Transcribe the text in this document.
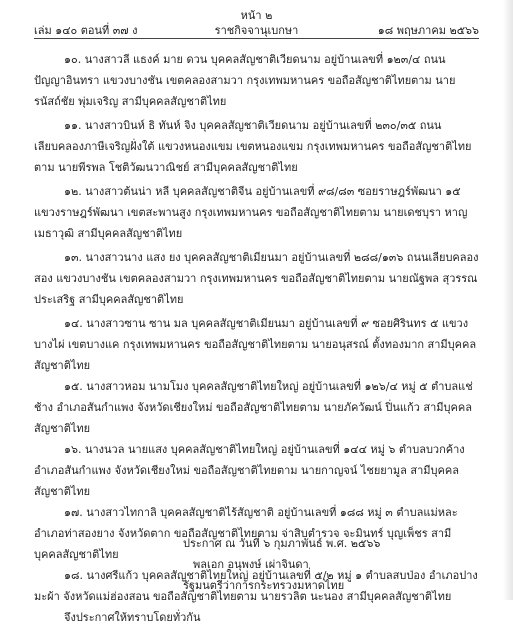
หน้า ๒
เล่ม ๑๔๐ ตอนที่ ๓๗ ง	ราชกิจจานุเบกษา	๑๘ พฤษภาคม ๒๕๖๖

๑๐. นางสาวลี แธงค์ มาย ดวน บุคคลสัญชาติเวียดนาม อยู่บ้านเลขที่ ๑๒๓/๔ ถนนปัญญาอินทรา แขวงบางชัน เขตคลองสามวา กรุงเทพมหานคร ขอถือสัญชาติไทยตาม นายรนัสถ์ชัย พุ่มเจริญ สามีบุคคลสัญชาติไทย

๑๑. นางสาวบินห์ ธิ ทันห์ จิง บุคคลสัญชาติเวียดนาม อยู่บ้านเลขที่ ๒๓๐/๓๕ ถนนเลียบคลองภาษีเจริญฝั่งใต้ แขวงหนองแขม เขตหนองแขม กรุงเทพมหานคร ขอถือสัญชาติไทยตาม นายพีรพล โชติวัฒนวาณิชย์ สามีบุคคลสัญชาติไทย

๑๒. นางสาวต้นน่า หลี บุคคลสัญชาติจีน อยู่บ้านเลขที่ ๙๘/๘๓ ซอยราษฎร์พัฒนา ๑๕ แขวงราษฎร์พัฒนา เขตสะพานสูง กรุงเทพมหานคร ขอถือสัญชาติไทยตาม นายเดชบุรา หาญเมธาวุฒิ สามีบุคคลสัญชาติไทย

๑๓. นางสาวนาง แสง ยง บุคคลสัญชาติเมียนมา อยู่บ้านเลขที่ ๒๘๘/๑๓๖ ถนนเลียบคลองสอง แขวงบางชัน เขตคลองสามวา กรุงเทพมหานคร ขอถือสัญชาติไทยตาม นายณัฐพล สุวรรณประเสริฐ สามีบุคคลสัญชาติไทย

๑๔. นางสาวซาน ซาน มล บุคคลสัญชาติเมียนมา อยู่บ้านเลขที่ ๙ ซอยศิรินทร ๕ แขวงบางไผ่ เขตบางแค กรุงเทพมหานคร ขอถือสัญชาติไทยตาม นายอนุสรณ์ ตั้งทองมาก สามีบุคคลสัญชาติไทย

๑๕. นางสาวหอม นามโมง บุคคลสัญชาติไทยใหญ่ อยู่บ้านเลขที่ ๑๒๖/๔ หมู่ ๕ ตำบลแช่ช้าง อำเภอสันกำแพง จังหวัดเชียงใหม่ ขอถือสัญชาติไทยตาม นายภัควัฒน์ ปิ่นแก้ว สามีบุคคลสัญชาติไทย

๑๖. นางนวล นายแสง บุคคลสัญชาติไทยใหญ่ อยู่บ้านเลขที่ ๑๔๔ หมู่ ๖ ตำบลบวกค้าง อำเภอสันกำแพง จังหวัดเชียงใหม่ ขอถือสัญชาติไทยตาม นายกาญจน์ ไชยยามูล สามีบุคคลสัญชาติไทย

๑๗. นางสาวไทกาลิ บุคคลสัญชาติไร้สัญชาติ อยู่บ้านเลขที่ ๑๘๘ หมู่ ๓ ตำบลแม่หละ อำเภอท่าสองยาง จังหวัดตาก ขอถือสัญชาติไทยตาม จ่าสิบตำรวจ จะมินทร์ บุญเพ็ชร สามีบุคคลสัญชาติไทย

๑๘. นางศรีแก้ว บุคคลสัญชาติไทยใหญ่ อยู่บ้านเลขที่ ๕/๒ หมู่ ๑ ตำบลสบป่อง อำเภอปางมะผ้า จังหวัดแม่ฮ่องสอน ขอถือสัญชาติไทยตาม นายรวลิต นะนอง สามีบุคคลสัญชาติไทย

จึงประกาศให้ทราบโดยทั่วกัน

ประกาศ ณ วันที่ ๖ กุมภาพันธ์ พ.ศ. ๒๕๖๖
พลเอก อนุพงษ์ เผ่าจินดา
รัฐมนตรีว่าการกระทรวงมหาดไทย
